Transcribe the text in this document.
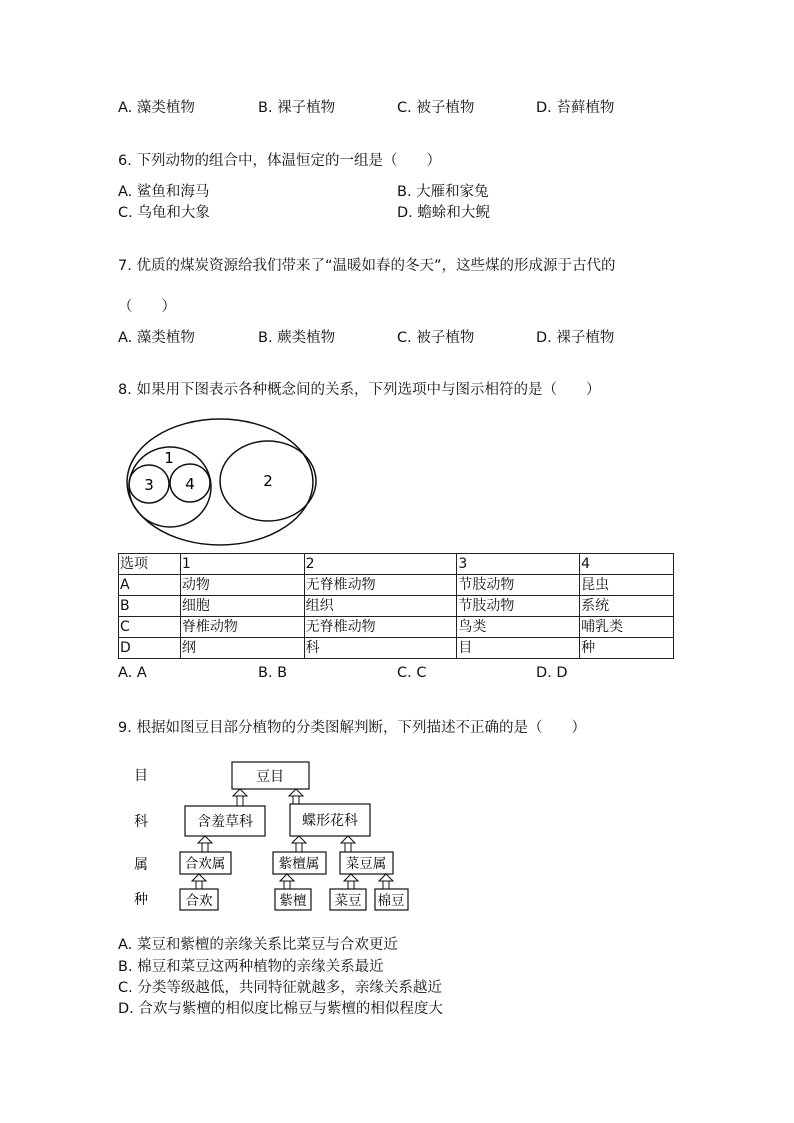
A. 藻类植物	B. 裸子植物	C. 被子植物	D. 苔藓植物
6. 下列动物的组合中，体温恒定的一组是（　　）
A. 鲨鱼和海马	B. 大雁和家兔
C. 乌龟和大象	D. 蟾蜍和大鲵
7. 优质的煤炭资源给我们带来了“温暖如春的冬天”，这些煤的形成源于古代的
（　　）
A. 藻类植物	B. 蕨类植物	C. 被子植物	D. 裸子植物
8. 如果用下图表示各种概念间的关系，下列选项中与图示相符的是（　　）
1
2
3 4
选项	1	2	3	4
A	动物	无脊椎动物	节肢动物	昆虫
B	细胞	组织	节肢动物	系统
C	脊椎动物	无脊椎动物	鸟类	哺乳类
D	纲	科	目	种
A. A	B. B	C. C	D. D
9. 根据如图豆目部分植物的分类图解判断，下列描述不正确的是（　　）
目
科
属
种
豆目
含羞草科	蝶形花科
合欢属	紫檀属 菜豆属
合欢	紫檀 菜豆 棉豆
A. 菜豆和紫檀的亲缘关系比菜豆与合欢更近
B. 棉豆和菜豆这两种植物的亲缘关系最近
C. 分类等级越低，共同特征就越多，亲缘关系越近
D. 合欢与紫檀的相似度比棉豆与紫檀的相似程度大
